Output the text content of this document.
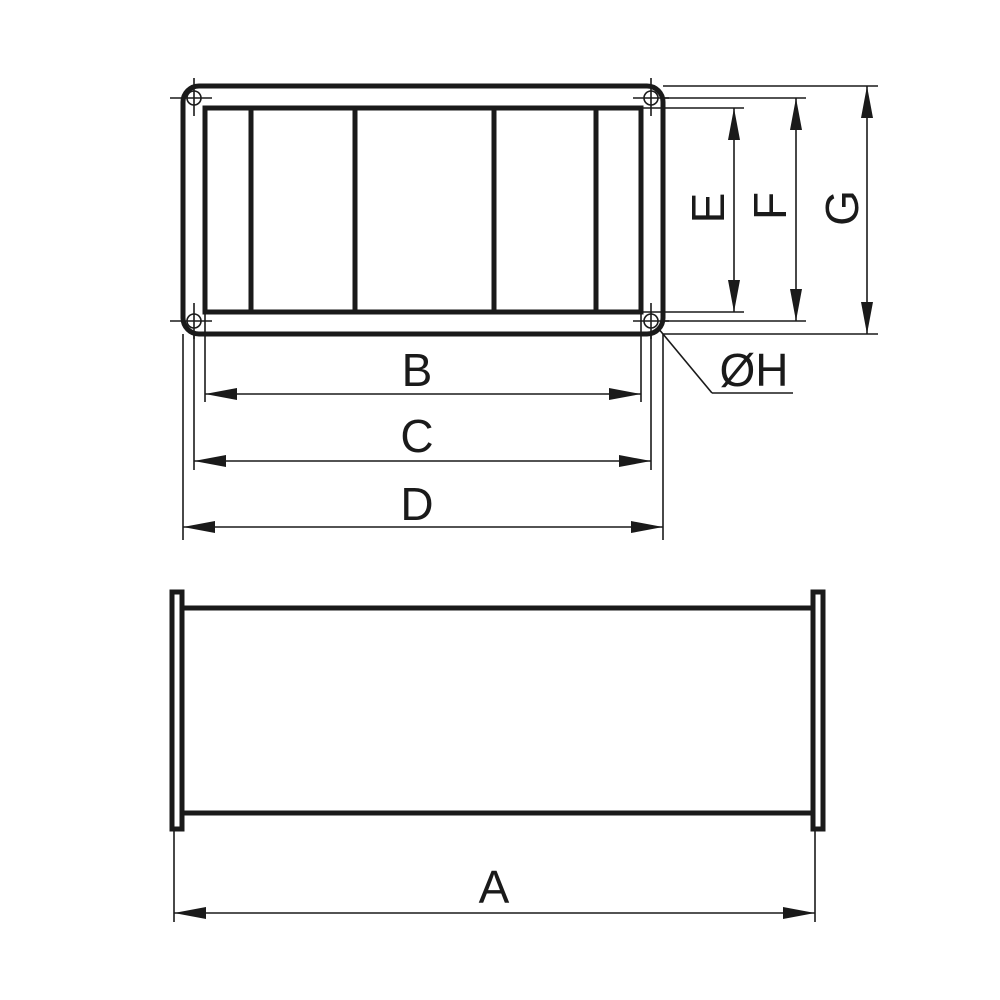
B
C
D
E F G
ØH
A
